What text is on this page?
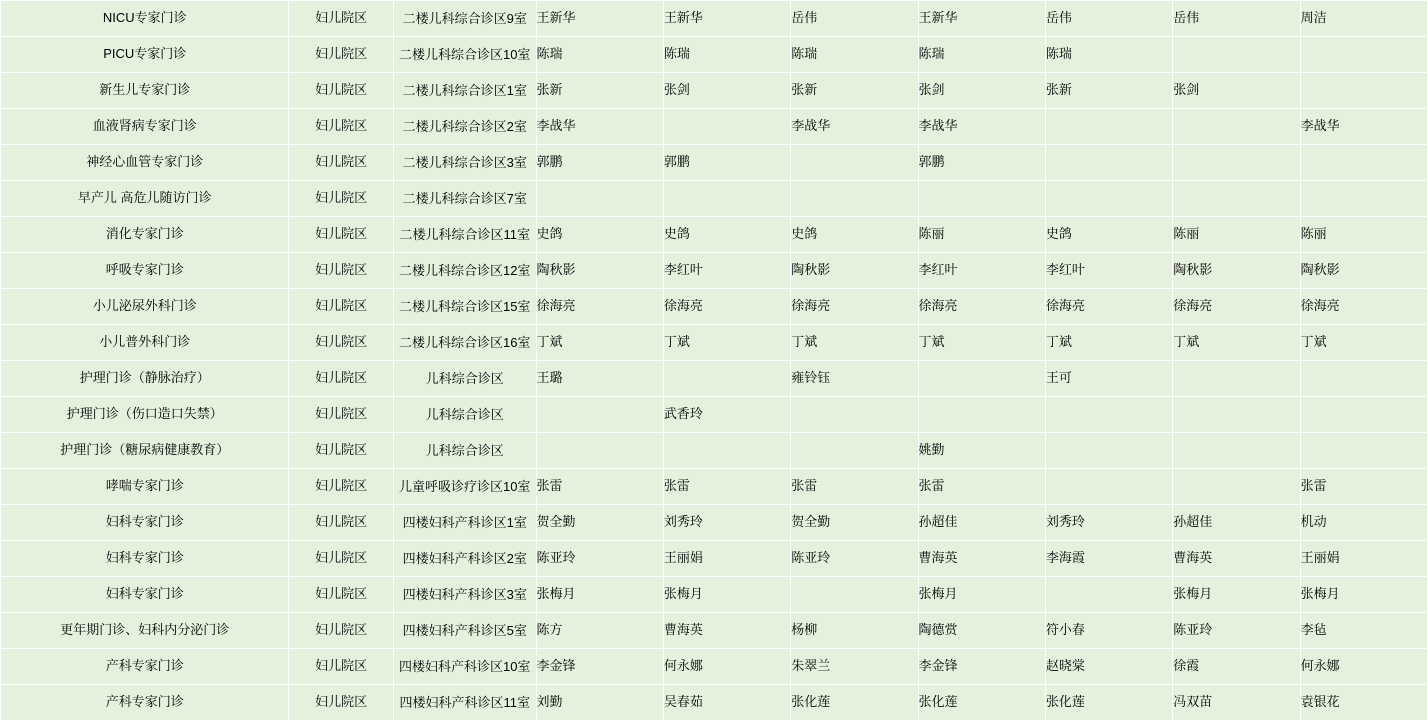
NICU专家门诊	妇儿院区	二楼儿科综合诊区9室	王新华	王新华	岳伟	王新华	岳伟	岳伟	周洁

PICU专家门诊	妇儿院区	二楼儿科综合诊区10室	陈瑞	陈瑞	陈瑞	陈瑞	陈瑞		

新生儿专家门诊	妇儿院区	二楼儿科综合诊区1室	张新	张剑	张新	张剑	张新	张剑	

血液肾病专家门诊	妇儿院区	二楼儿科综合诊区2室	李战华		李战华	李战华			李战华

神经心血管专家门诊	妇儿院区	二楼儿科综合诊区3室	郭鹏	郭鹏		郭鹏			

早产儿 高危儿随访门诊	妇儿院区	二楼儿科综合诊区7室							

消化专家门诊	妇儿院区	二楼儿科综合诊区11室	史鸽	史鸽	史鸽	陈丽	史鸽	陈丽	陈丽

呼吸专家门诊	妇儿院区	二楼儿科综合诊区12室	陶秋影	李红叶	陶秋影	李红叶	李红叶	陶秋影	陶秋影

小儿泌尿外科门诊	妇儿院区	二楼儿科综合诊区15室	徐海亮	徐海亮	徐海亮	徐海亮	徐海亮	徐海亮	徐海亮

小儿普外科门诊	妇儿院区	二楼儿科综合诊区16室	丁斌	丁斌	丁斌	丁斌	丁斌	丁斌	丁斌

护理门诊（静脉治疗）	妇儿院区	儿科综合诊区	王璐		雍铃钰		王可		

护理门诊（伤口造口失禁）	妇儿院区	儿科综合诊区		武香玲					

护理门诊（糖尿病健康教育）	妇儿院区	儿科综合诊区				姚勤			

哮喘专家门诊	妇儿院区	儿童呼吸诊疗诊区10室	张雷	张雷	张雷	张雷			张雷

妇科专家门诊	妇儿院区	四楼妇科产科诊区1室	贺全勤	刘秀玲	贺全勤	孙超佳	刘秀玲	孙超佳	机动

妇科专家门诊	妇儿院区	四楼妇科产科诊区2室	陈亚玲	王丽娟	陈亚玲	曹海英	李海霞	曹海英	王丽娟

妇科专家门诊	妇儿院区	四楼妇科产科诊区3室	张梅月	张梅月		张梅月		张梅月	张梅月

更年期门诊、妇科内分泌门诊	妇儿院区	四楼妇科产科诊区5室	陈方	曹海英	杨柳	陶德赏	符小春	陈亚玲	李毡

产科专家门诊	妇儿院区	四楼妇科产科诊区10室	李金锋	何永娜	朱翠兰	李金锋	赵晓棠	徐霞	何永娜

产科专家门诊	妇儿院区	四楼妇科产科诊区11室	刘勤	吴春茹	张化莲	张化莲	张化莲	冯双苗	袁银花
